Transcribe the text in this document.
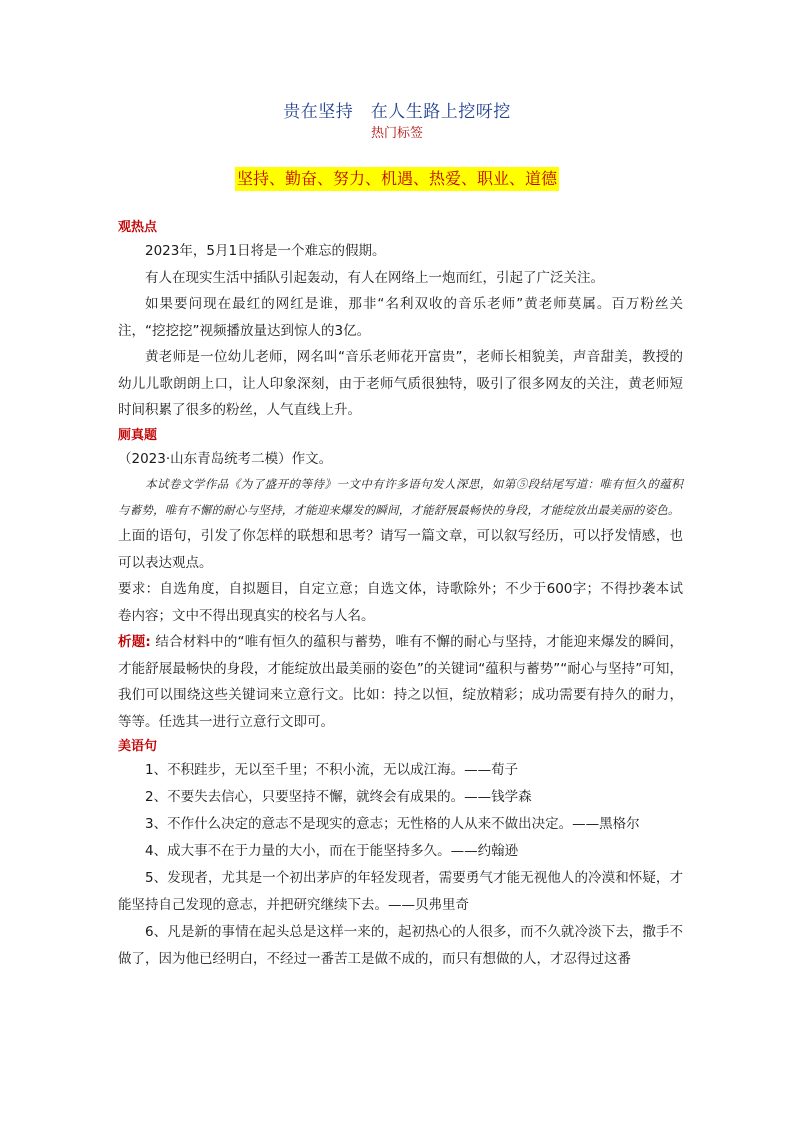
贵在坚持　在人生路上挖呀挖
热门标签
坚持、勤奋、努力、机遇、热爱、职业、道德

观热点

2023年，5月1日将是一个难忘的假期。

有人在现实生活中插队引起轰动，有人在网络上一炮而红，引起了广泛关注。

如果要问现在最红的网红是谁，那非“名利双收的音乐老师”黄老师莫属。百万粉丝关注，“挖挖挖”视频播放量达到惊人的3亿。

黄老师是一位幼儿老师，网名叫“音乐老师花开富贵”，老师长相貌美，声音甜美，教授的幼儿儿歌朗朗上口，让人印象深刻，由于老师气质很独特，吸引了很多网友的关注，黄老师短时间积累了很多的粉丝，人气直线上升。

厕真题

（2023·山东青岛统考二模）作文。

本试卷文学作品《为了盛开的等待》一文中有许多语句发人深思，如第⑤段结尾写道：唯有恒久的蕴积与蓄势，唯有不懈的耐心与坚持，才能迎来爆发的瞬间，才能舒展最畅快的身段，才能绽放出最美丽的姿色。

上面的语句，引发了你怎样的联想和思考？请写一篇文章，可以叙写经历，可以抒发情感，也可以表达观点。

要求：自选角度，自拟题目，自定立意；自选文体，诗歌除外；不少于600字；不得抄袭本试卷内容；文中不得出现真实的校名与人名。

析题: 结合材料中的“唯有恒久的蕴积与蓄势，唯有不懈的耐心与坚持，才能迎来爆发的瞬间，才能舒展最畅快的身段，才能绽放出最美丽的姿色”的关键词“蕴积与蓄势”“耐心与坚持”可知，我们可以围绕这些关键词来立意行文。比如：持之以恒，绽放精彩；成功需要有持久的耐力，等等。任选其一进行立意行文即可。

美语句

1、不积跬步，无以至千里；不积小流，无以成江海。——荀子

2、不要失去信心，只要坚持不懈，就终会有成果的。——钱学森

3、不作什么决定的意志不是现实的意志；无性格的人从来不做出决定。——黑格尔

4、成大事不在于力量的大小，而在于能坚持多久。——约翰逊

5、发现者，尤其是一个初出茅庐的年轻发现者，需要勇气才能无视他人的冷漠和怀疑，才能坚持自己发现的意志，并把研究继续下去。——贝弗里奇

6、凡是新的事情在起头总是这样一来的，起初热心的人很多，而不久就冷淡下去，撒手不做了，因为他已经明白，不经过一番苦工是做不成的，而只有想做的人，才忍得过这番
